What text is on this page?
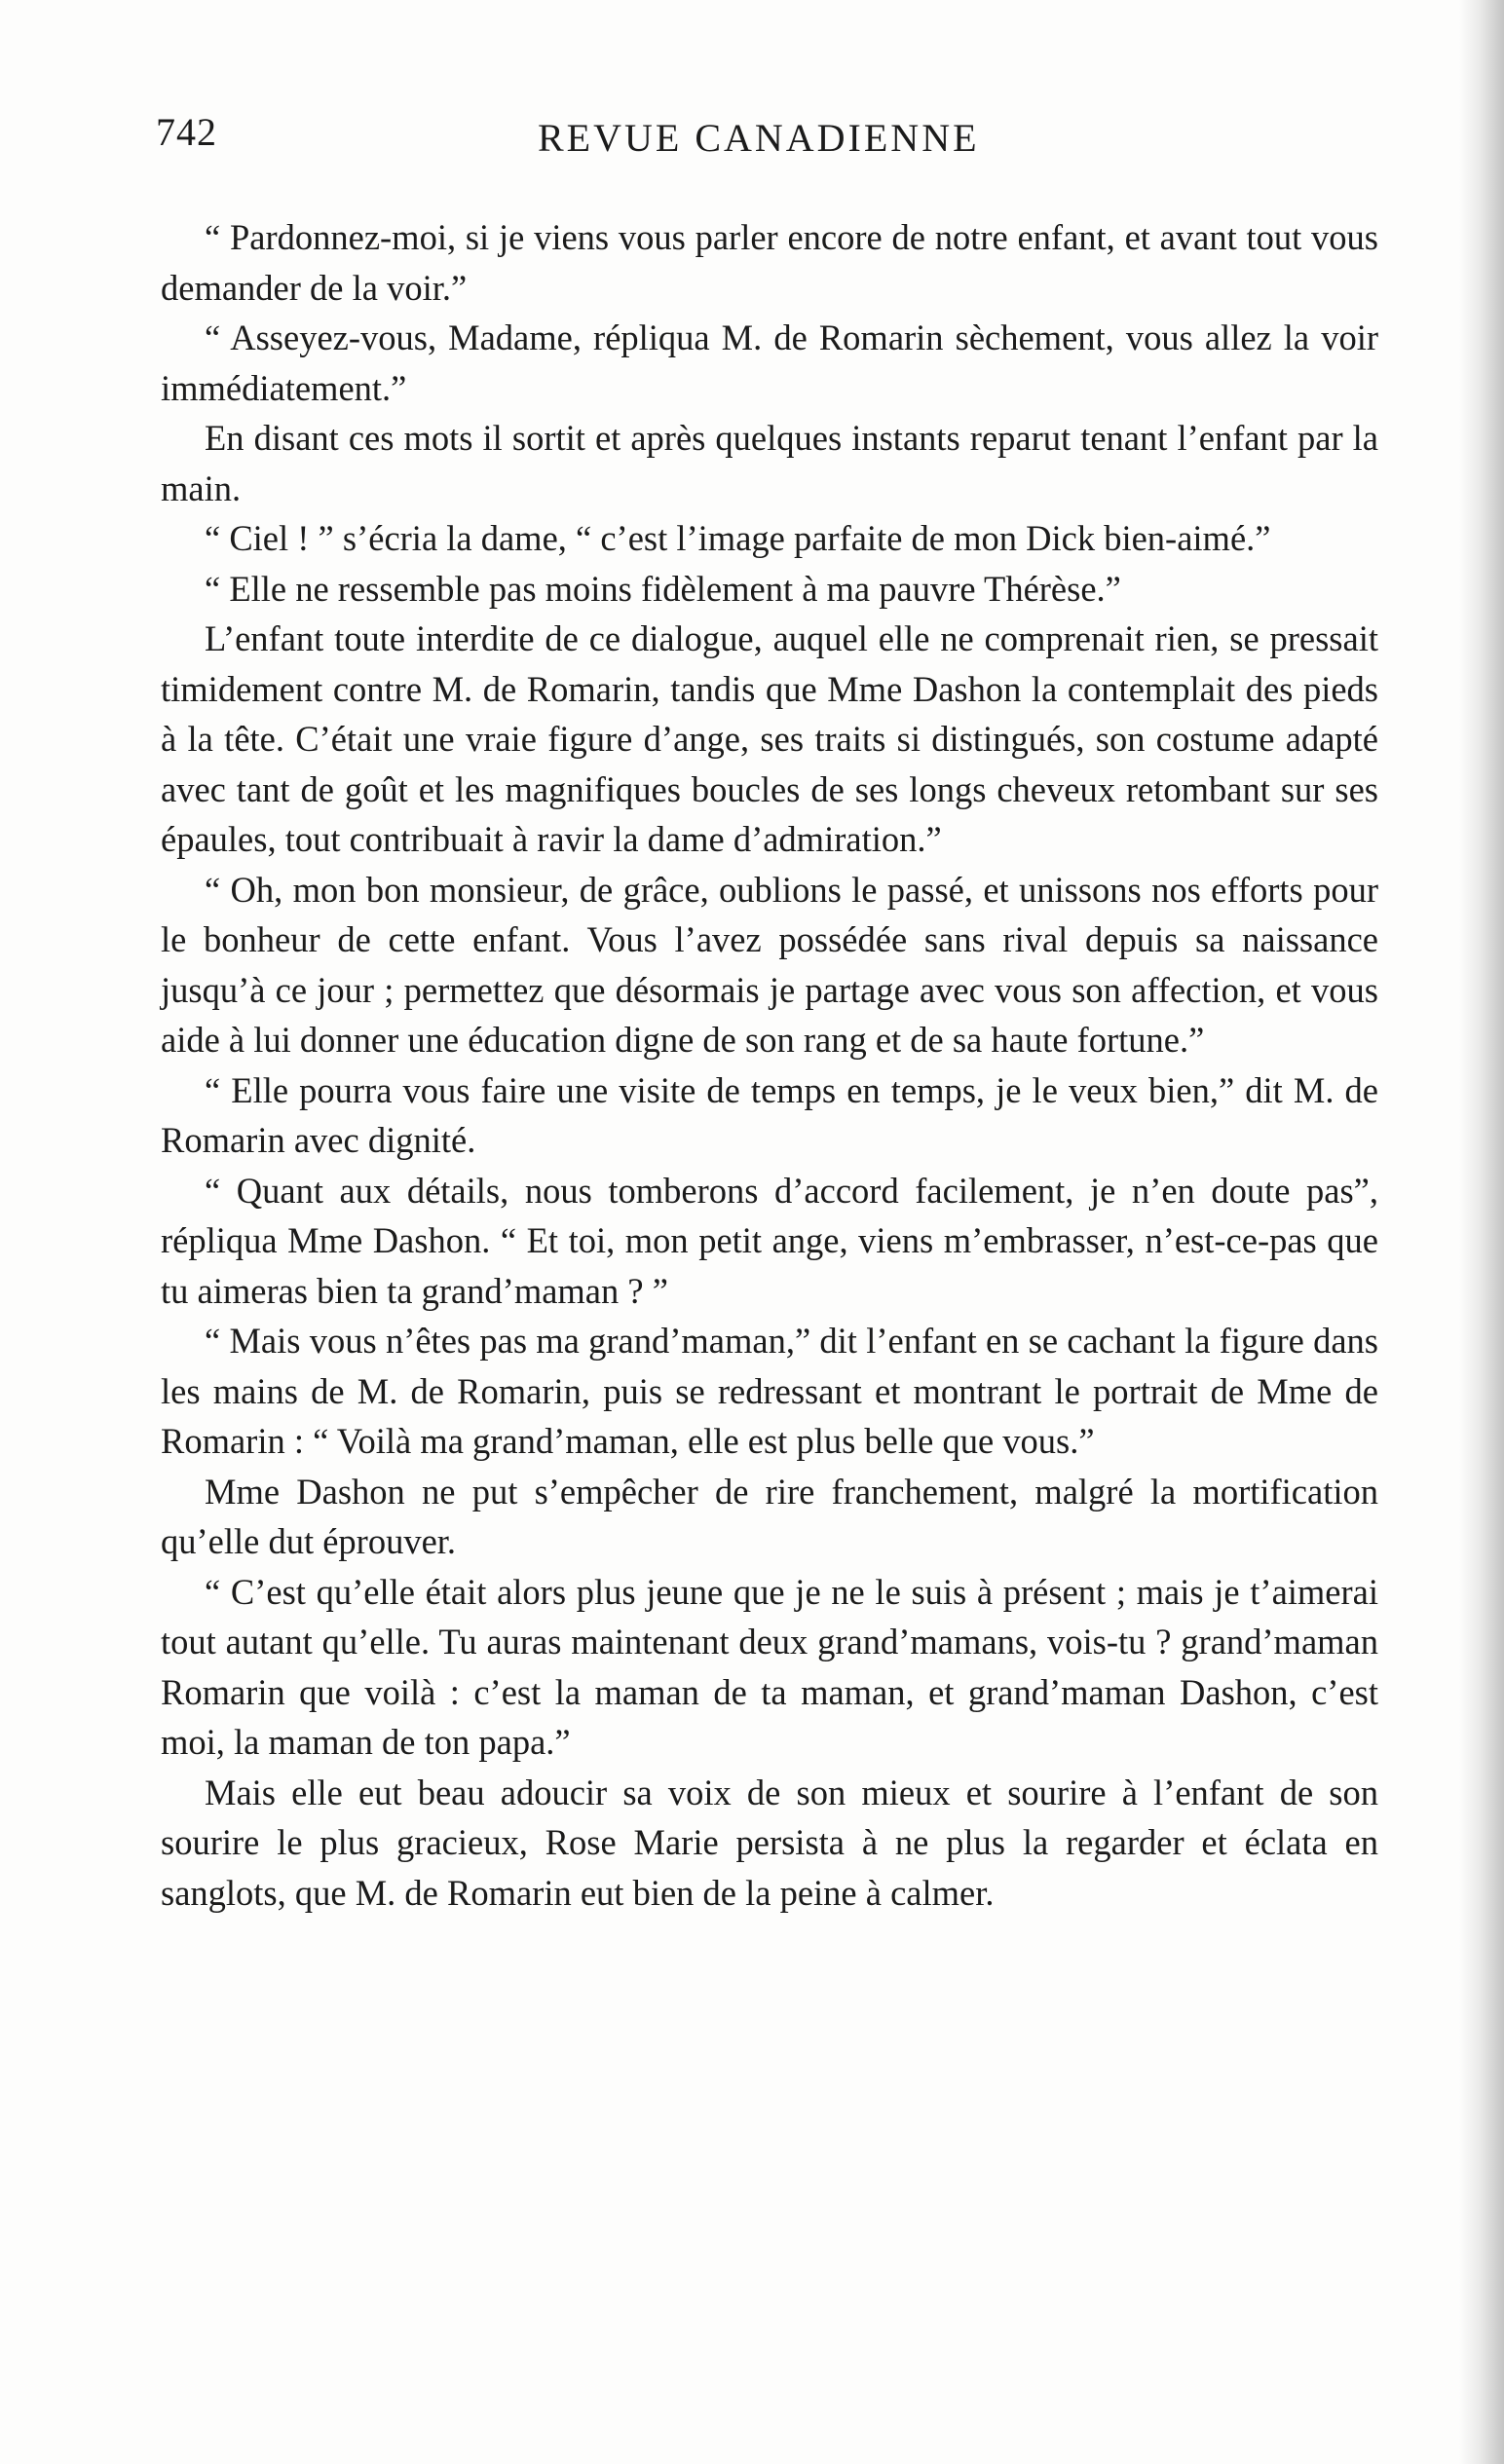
742	REVUE CANADIENNE

“ Pardonnez-moi, si je viens vous parler encore de notre enfant, et avant tout vous demander de la voir.”

“ Asseyez-vous, Madame, répliqua M. de Romarin sèchement, vous allez la voir immédiatement.”

En disant ces mots il sortit et après quelques instants reparut tenant l’enfant par la main.

“ Ciel ! ” s’écria la dame, “ c’est l’image parfaite de mon Dick bien-aimé.”

“ Elle ne ressemble pas moins fidèlement à ma pauvre Thérèse.”

L’enfant toute interdite de ce dialogue, auquel elle ne comprenait rien, se pressait timidement contre M. de Romarin, tandis que Mme Dashon la contemplait des pieds à la tête. C’était une vraie figure d’ange, ses traits si distingués, son costume adapté avec tant de goût et les magnifiques boucles de ses longs cheveux retombant sur ses épaules, tout contribuait à ravir la dame d’admiration.”

“ Oh, mon bon monsieur, de grâce, oublions le passé, et unissons nos efforts pour le bonheur de cette enfant. Vous l’avez possédée sans rival depuis sa naissance jusqu’à ce jour ; permettez que désormais je partage avec vous son affection, et vous aide à lui donner une éducation digne de son rang et de sa haute fortune.”

“ Elle pourra vous faire une visite de temps en temps, je le veux bien,” dit M. de Romarin avec dignité.

“ Quant aux détails, nous tomberons d’accord facilement, je n’en doute pas”, répliqua Mme Dashon. “ Et toi, mon petit ange, viens m’embrasser, n’est-ce-pas que tu aimeras bien ta grand’maman ? ”

“ Mais vous n’êtes pas ma grand’maman,” dit l’enfant en se cachant la figure dans les mains de M. de Romarin, puis se redressant et montrant le portrait de Mme de Romarin : “ Voilà ma grand’maman, elle est plus belle que vous.”

Mme Dashon ne put s’empêcher de rire franchement, malgré la mortification qu’elle dut éprouver.

“ C’est qu’elle était alors plus jeune que je ne le suis à présent ; mais je t’aimerai tout autant qu’elle. Tu auras maintenant deux grand’mamans, vois-tu ? grand’maman Romarin que voilà : c’est la maman de ta maman, et grand’maman Dashon, c’est moi, la maman de ton papa.”

Mais elle eut beau adoucir sa voix de son mieux et sourire à l’enfant de son sourire le plus gracieux, Rose Marie persista à ne plus la regarder et éclata en sanglots, que M. de Romarin eut bien de la peine à calmer.
